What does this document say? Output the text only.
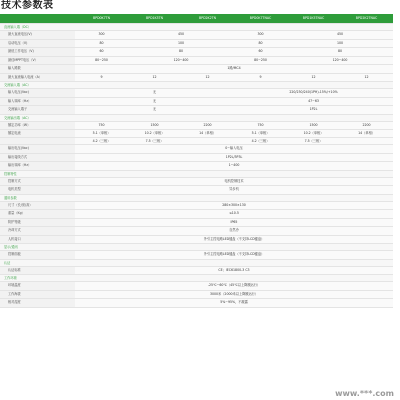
技术参数表
	BPD0K7TN	BPD1K5TN	BPD2K2TN	BPD0K7TNAC	BPD1K5TNAC	BPD2K2TNAC
直流输入端（DC）						
最大直流电压(V)	300	450		300	450	
启动电压（V)	80	100		80	100	
最低工作电压（V)	60	80		60	80	
最佳MPPT电压（V）	80~250	120~400		80~250	120~400	
输入路数	1路/MC4					
最大直流输入电流（A）	9	12	12	9	12	12
交流输入端（AC）						
输入电压(Vac)	无			220/230/240(1PH)-15%/+10%		
输入频率（Hz）	无			47~63		
交流输入端子	无			1P2L		
交流输出端（AC）						
额定功率（W）	750	1500	2200	750	1500	2200
额定电流	5.1（单相）	10.2（单相）	14（单相）	5.1（单相）	10.2（单相）	14（单相）
	4.2（三相）	7.5（三相）		4.2（三相）	7.5（三相）	
输出电压(Vac)	0~输入电压					
输出接线方式	1P2L/3P3L					
输出频率（Hz）	1~400					
控制特性						
控制方式	电机控制技术					
电机类型	异步机					
通用参数						
尺寸（长/宽/高）	280×300×130					
重量（Kg）	≤10.5					
防护等级	IP65					
冷却方式	自然冷					
人机接口	外引主控电路LED键盘（不支持LCD键盘）					
显示/通讯						
控制面板	外引主控电路LED键盘（不支持LCD键盘）					
认证						
认证标准	CE；IEC61800-3 C3					
工作环境						
环境温度	-25℃~60℃（45℃以上降额运行）					
工作海拔	3000米（2000米以上降额运行）					
相对湿度	5%~95%，不凝露					
www.***.com
